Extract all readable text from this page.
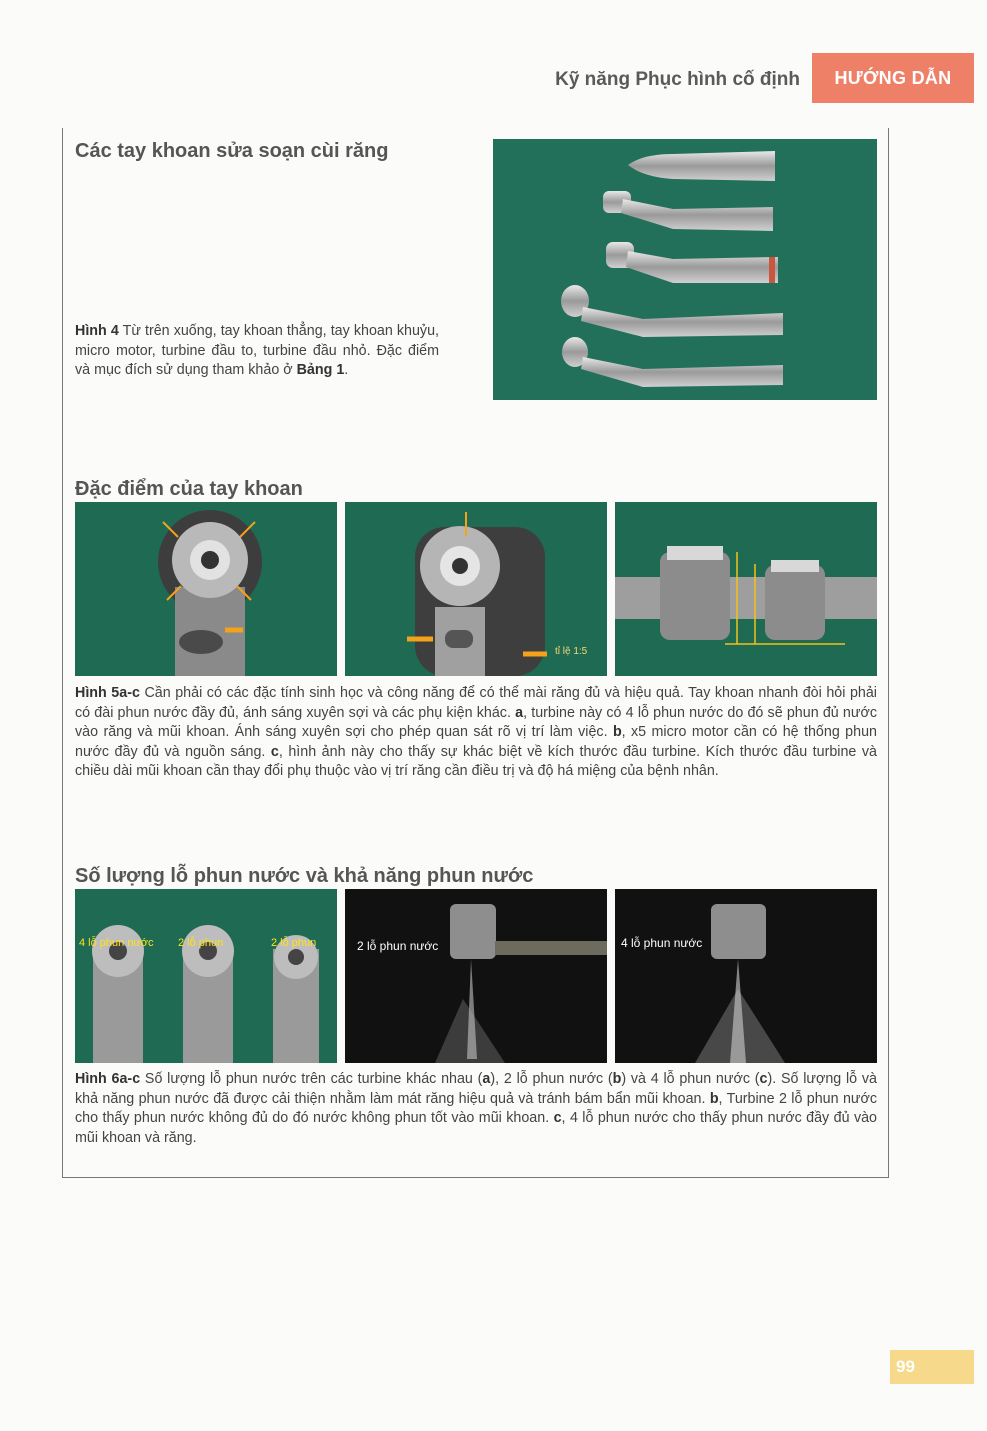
Kỹ năng Phục hình cố định	HƯỚNG DẪN
Các tay khoan sửa soạn cùi răng
Hình 4 Từ trên xuống, tay khoan thẳng, tay khoan khuỷu, micro motor, turbine đầu to, turbine đầu nhỏ. Đặc điểm và mục đích sử dụng tham khảo ở Bảng 1.
Đặc điểm của tay khoan
tỉ lệ 1:5
Hình 5a-c Cần phải có các đặc tính sinh học và công năng để có thể mài răng đủ và hiệu quả. Tay khoan nhanh đòi hỏi phải có đài phun nước đầy đủ, ánh sáng xuyên sợi và các phụ kiện khác. a, turbine này có 4 lỗ phun nước do đó sẽ phun đủ nước vào răng và mũi khoan. Ánh sáng xuyên sợi cho phép quan sát rõ vị trí làm việc. b, x5 micro motor cần có hệ thống phun nước đầy đủ và nguồn sáng. c, hình ảnh này cho thấy sự khác biệt về kích thước đầu turbine. Kích thước đầu turbine và chiều dài mũi khoan cần thay đổi phụ thuộc vào vị trí răng cần điều trị và độ há miệng của bệnh nhân.
Số lượng lỗ phun nước và khả năng phun nước
4 lỗ phun nước 2 lỗ phun	2 lỗ phun	2 lỗ phun nước	4 lỗ phun nước
Hình 6a-c Số lượng lỗ phun nước trên các turbine khác nhau (a), 2 lỗ phun nước (b) và 4 lỗ phun nước (c). Số lượng lỗ và khả năng phun nước đã được cải thiện nhằm làm mát răng hiệu quả và tránh bám bẩn mũi khoan. b, Turbine 2 lỗ phun nước cho thấy phun nước không đủ do đó nước không phun tốt vào mũi khoan. c, 4 lỗ phun nước cho thấy phun nước đầy đủ vào mũi khoan và răng.
99
